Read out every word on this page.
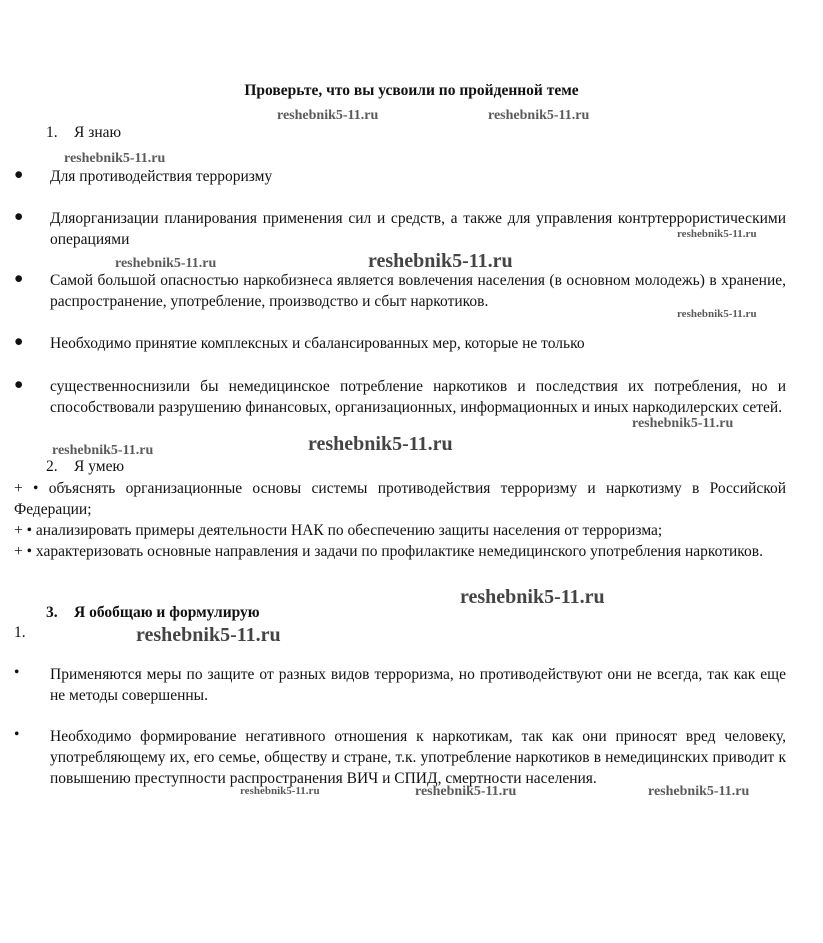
Проверьте, что вы усвоили по пройденной теме
1. Я знаю
●	Для противодействия терроризму
●	Дляорганизации планирования применения сил и средств, а также для управления контртеррористическими операциями
●	Самой большой опасностью наркобизнеса является вовлечения населения (в основном молодежь) в хранение, распространение, употребление, производство и сбыт наркотиков.
●	Необходимо принятие комплексных и сбалансированных мер, которые не только
●	существенноснизили бы немедицинское потребление наркотиков и последствия их потребления, но и способствовали разрушению финансовых, организационных, информационных и иных наркодилерских сетей.
2. Я умею
+ • объяснять организационные основы системы противодействия терроризму и наркотизму в Российской Федерации;
+ • анализировать примеры деятельности НАК по обеспечению защиты населения от терроризма;
+ • характеризовать основные направления и задачи по профилактике немедицинского употребления наркотиков.
3. Я обобщаю и формулирую
1.
•	Применяются меры по защите от разных видов терроризма, но противодействуют они не всегда, так как еще не методы совершенны.
•	Необходимо формирование негативного отношения к наркотикам, так как они приносят вред человеку, употребляющему их, его семье, обществу и стране, т.к. употребление наркотиков в немедицинских приводит к повышению преступности распространения ВИЧ и СПИД, смертности населения.
reshebnik5-11.ru	reshebnik5-11.ru
reshebnik5-11.ru
reshebnik5-11.ru
reshebnik5-11.ru
reshebnik5-11.ru
reshebnik5-11.ru
reshebnik5-11.ru
reshebnik5-11.ru
reshebnik5-11.ru
reshebnik5-11.ru
reshebnik5-11.ru
reshebnik5-11.ru	reshebnik5-11.ru	reshebnik5-11.ru
